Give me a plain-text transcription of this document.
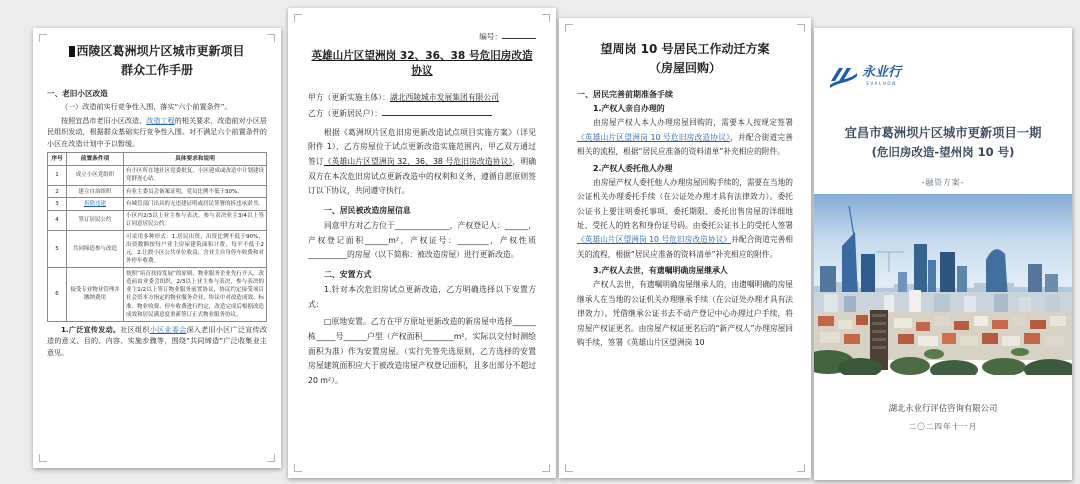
西陵区葛洲坝片区城市更新项目
群众工作手册
一、老旧小区改造

（一）改造前实行竞争性入围，落实“六个前置条件”。

按照宜昌市老旧小区改造、改造工程的相关要求，改造前对小区居民组织发动，根据群众基础实行竞争性入围。对不满足六个前置条件的小区在改造计划中予以暂缓。

序号	前置条件项	具体要求和说明
1	成立小区党组织	有小区所在地社区党委批复，小区建成或改造中计划建设党群连心站。
2	建立自治组织	有业主委员会备案证明，党员比例不低于30%。
3	拆除违建	有城管部门出具的无违建证明或居民签署的拆违承诺书。
4	签订居民公约	小区内2/3以上业主参与表决，参与表决业主3/4以上签订同意居民公约。
5	共同缔造参与改造	可采用多种形式：1.居民出资，出资比例不低于90%，出资数额按每户业主房屋建筑面积计费，每平不低于2元。2.让渡小区公共单位收益，含业主自身停车收费和对外停车收费。
6	接受专业物业管理并缴纳费用	按照“培育扶持发展”的原则，物业服务企业先行介入，改造前由业委会组织，2/3以上业主参与表决，参与表决的业主1/2以上签订物业服务前置协议，协议约定接受项目社会资本方指定的物业服务企业，协议中对改造成效、标准、物业收费、停车收费进行约定，改造完成后根据改造成效和居民满意度重新签订正式物业服务协议。

1.广泛宣传发动。社区组织小区业委会深入老旧小区广泛宣传改造的意义、目的、内容、实施步骤等，围绕“共同缔造”广泛收集业主意见。

编号：
英雄山片区望洲岗 32、36、38 号危旧房改造协议
甲方（更新实施主体）：湖北西陵城市发展集团有限公司
乙方（更新居民户）：

根据《葛洲坝片区危旧房更新改造试点项目实施方案》（详见附件 1），乙方房屋位于试点更新改造实施范围内，甲乙双方通过签订《英雄山片区望洲岗 32、36、38 号危旧房改造协议》，明确双方在本次危旧房试点更新改造中的权利和义务，遵循自愿原则签订以下协议，共同遵守执行。

一、居民被改造房屋信息

同意甲方对乙方位于______________，产权登记人：______，产权登记面积______m²，产权证号：________，产权性质__________的房屋（以下简称：被改造房屋）进行更新改造。

二、安置方式

1.针对本次危旧房试点更新改造，乙方明确选择以下安置方式：

□原地安置。乙方在甲方原址更新改造的新房屋中选择______栋_____号______户型（产权面积________m²，实际以交付时测绘面积为准）作为安置房屋。（实行先签先选原则，乙方选择的安置房屋建筑面积应大于被改造房屋产权登记面积，且多出部分不超过 20 m²）。

望周岗 10 号居民工作动迁方案
（房屋回购）
一、居民完善前期准备手续
1.产权人亲自办理的

由房屋产权人本人办理房屋回购的，需要本人按规定签署《英雄山片区望洲岗 10 号危旧房改造协议》，并配合街道完善相关的流程，根据“居民应准备的资料清单”补充相应的附件。

2.产权人委托他人办理

由房屋产权人委托他人办理房屋回购手续的，需要在当地的公证机关办理委托手续（在公证处办理才具有法律效力）。委托公证书上要注明委托事项、委托期限、委托出售房屋的详细地址、受托人的姓名和身份证号码。由委托公证书上的受托人签署《英雄山片区望洲岗 10 号危旧房改造协议》并配合街道完善相关的流程，根据“居民应准备的资料清单”补充相应的附件。

3.产权人去世，有遗嘱明确房屋继承人

产权人去世，有遗嘱明确房屋继承人的，由遗嘱明确的房屋继承人在当地的公证机关办理继承手续（在公证处办理才具有法律效力）。凭借继承公证书去不动产登记中心办理过户手续，将房屋产权证更名。由房屋产权证更名后的“新产权人”办理房屋回购手续，签署《英雄山片区望洲岗 10

永业行
EVALHON
宜昌市葛洲坝片区城市更新项目一期
(危旧房改造-望州岗 10 号)
-融资方案-
湖北永业行评估咨询有限公司
二〇二四年十一月
